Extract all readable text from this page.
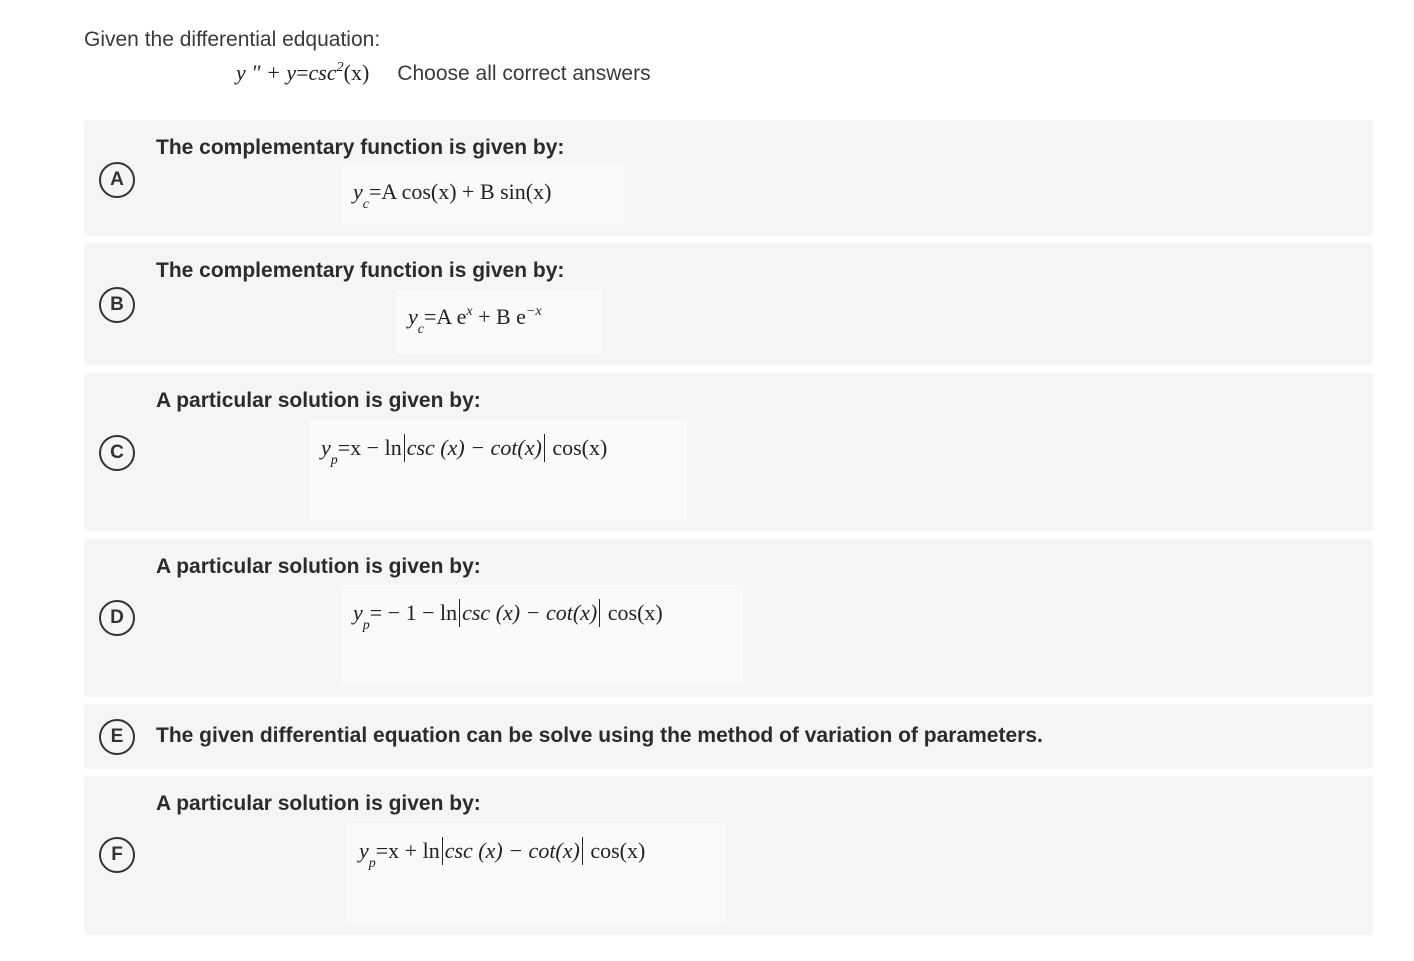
Given the differential edquation:
y " + $y=\csc^2(x)$ Choose all correct answers
A
The complementary function is given by:
$y_c=A$ cos(x) + B sin(x)
B
The complementary function is given by:
$y_c=A$ $e^x + B$ $e^{-x}$
C
A particular solution is given by:
$y_p=x - \ln \csc (x) - \cot(x)$ cos(x)
D
A particular solution is given by:
$y_p= - 1 - \ln \csc (x) - \cot(x)$ cos(x)
E	The given differential equation can be solve using the method of variation of parameters.
F
A particular solution is given by:
$y_p=x + \ln \csc (x) - \cot(x)$ cos(x)
